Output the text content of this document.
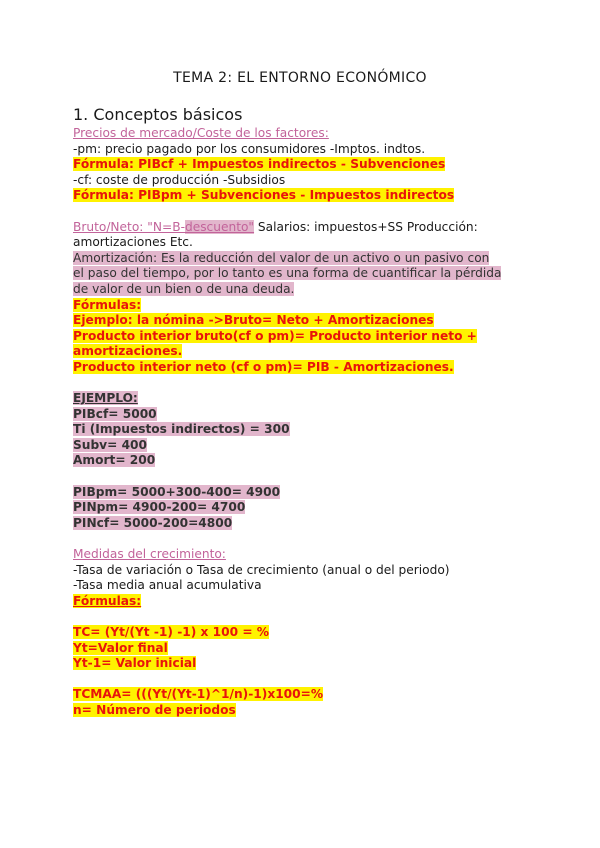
TEMA 2: EL ENTORNO ECONÓMICO
1. Conceptos básicos
Precios de mercado/Coste de los factores:
-pm: precio pagado por los consumidores -Imptos. indtos.
Fórmula: PIBcf + Impuestos indirectos - Subvenciones
-cf: coste de producción -Subsidios
Fórmula: PIBpm + Subvenciones - Impuestos indirectos
Bruto/Neto: "N=B-descuento" Salarios: impuestos+SS Producción:
amortizaciones Etc.
Amortización: Es la reducción del valor de un activo o un pasivo con el paso del tiempo, por lo tanto es una forma de cuantificar la pérdida de valor de un bien o de una deuda.
Fórmulas:
Ejemplo: la nómina ->Bruto= Neto + Amortizaciones
Producto interior bruto(cf o pm)= Producto interior neto +
amortizaciones.
Producto interior neto (cf o pm)= PIB - Amortizaciones.
EJEMPLO:
PIBcf= 5000
Ti (Impuestos indirectos) = 300
Subv= 400
Amort= 200
PIBpm= 5000+300-400= 4900
PINpm= 4900-200= 4700
PINcf= 5000-200=4800
Medidas del crecimiento:
-Tasa de variación o Tasa de crecimiento (anual o del periodo)
-Tasa media anual acumulativa
Fórmulas:
TC= (Yt/(Yt -1) -1) x 100 = %
Yt=Valor final
Yt-1= Valor inicial
TCMAA= (((Yt/(Yt-1)^1/n)-1)x100=%
n= Número de periodos
